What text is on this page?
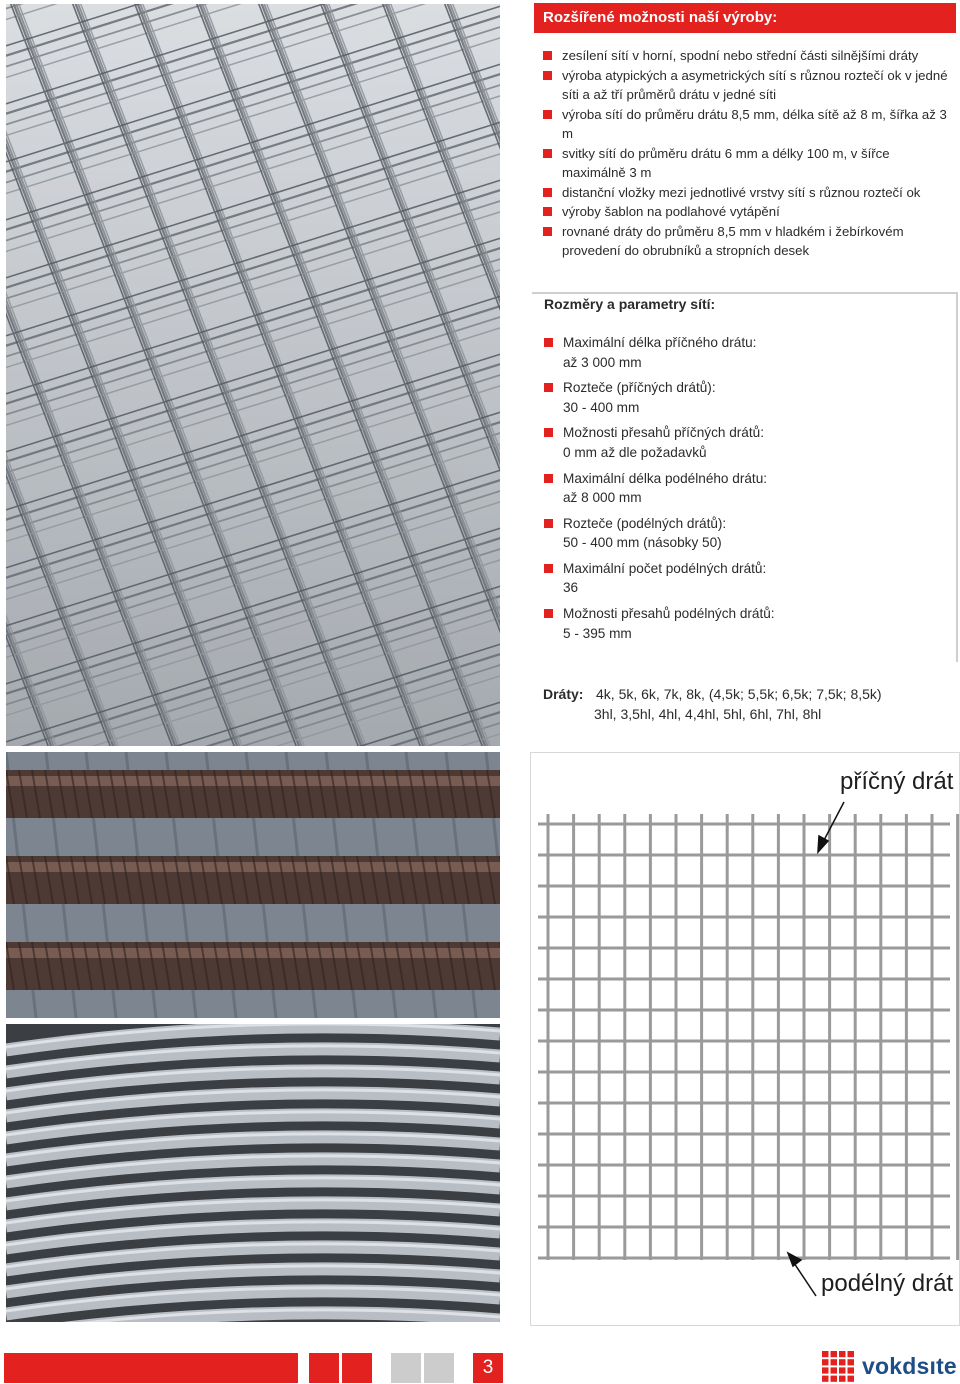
Rozšířené možnosti naší výroby:
zesílení sítí v horní, spodní nebo střední části silnějšími dráty
výroba atypických a asymetrických sítí s různou roztečí ok v jedné síti a až tří průměrů drátu v jedné síti
výroba sítí do průměru drátu 8,5 mm, délka sítě až 8 m, šířka až 3 m
svitky sítí do průměru drátu 6 mm a délky 100 m, v šířce maximálně 3 m
distanční vložky mezi jednotlivé vrstvy sítí s různou roztečí ok
výroby šablon na podlahové vytápění
rovnané dráty do průměru 8,5 mm v hladkém i žebírkovém provedení do obrubníků a stropních desek
Rozměry a parametry sítí:
Maximální délka příčného drátu:
až 3 000 mm
Rozteče (příčných drátů):
30 - 400 mm
Možnosti přesahů příčných drátů:
0 mm až dle požadavků
Maximální délka podélného drátu:
až 8 000 mm
Rozteče (podélných drátů):
50 - 400 mm (násobky 50)
Maximální počet podélných drátů:
36
Možnosti přesahů podélných drátů:
5 - 395 mm
Dráty: 4k, 5k, 6k, 7k, 8k, (4,5k; 5,5k; 6,5k; 7,5k; 8,5k)
3hl, 3,5hl, 4hl, 4,4hl, 5hl, 6hl, 7hl, 8hl
příčný drát
podélný drát
3	vokdsıte
